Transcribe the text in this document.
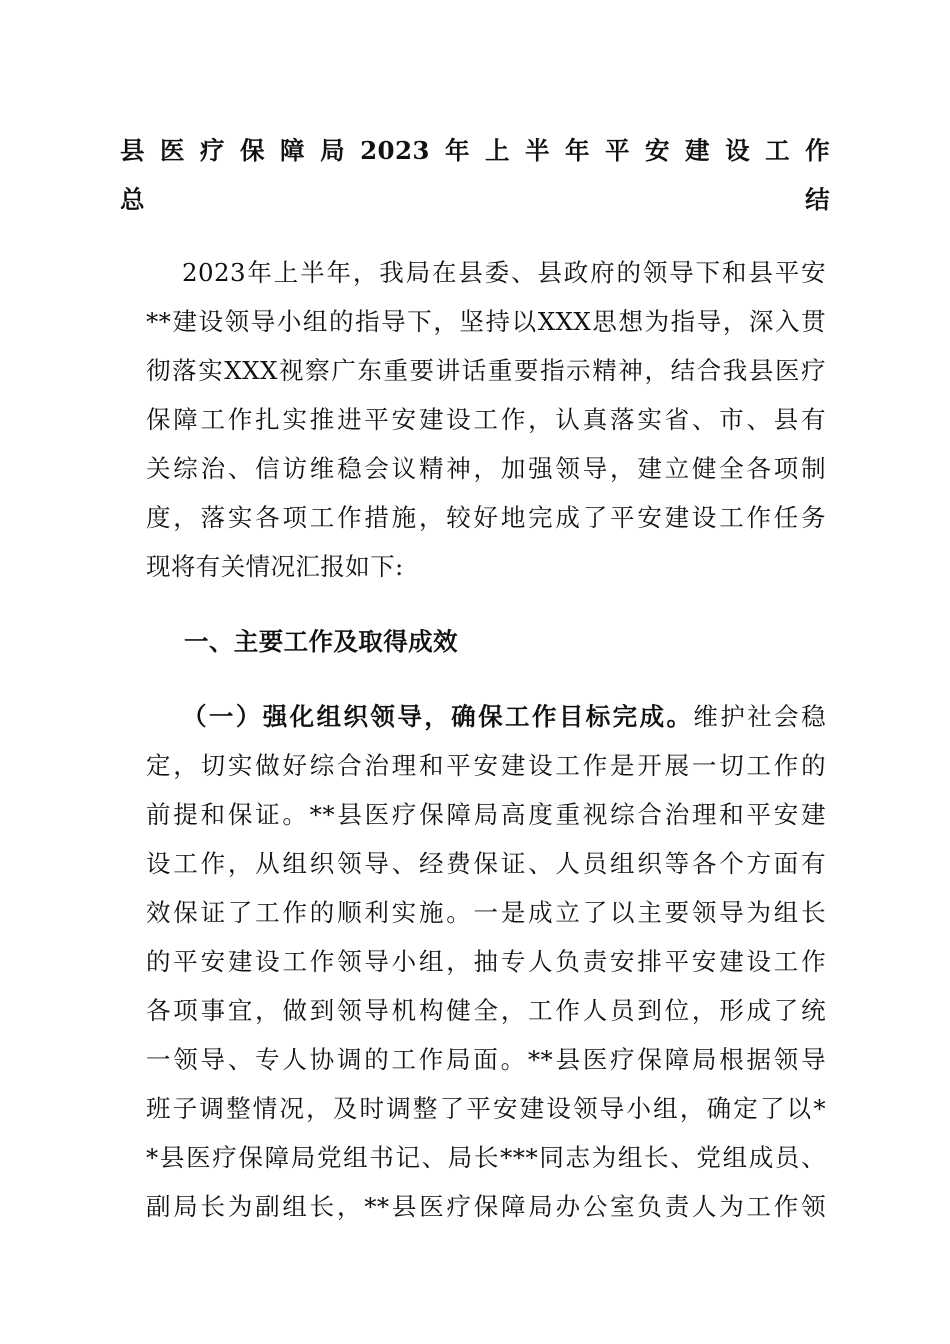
县医疗保障局2023年上半年平安建设工作
总结
2023年上半年，我局在县委、县政府的领导下和县平安
**建设领导小组的指导下，坚持以XXX思想为指导，深入贯
彻落实XXX视察广东重要讲话重要指示精神，结合我县医疗
保障工作扎实推进平安建设工作，认真落实省、市、县有
关综治、信访维稳会议精神，加强领导，建立健全各项制
度，落实各项工作措施，较好地完成了平安建设工作任务
现将有关情况汇报如下:
一、主要工作及取得成效
（一）强化组织领导，确保工作目标完成。维护社会稳
定，切实做好综合治理和平安建设工作是开展一切工作的
前提和保证。**县医疗保障局高度重视综合治理和平安建
设工作，从组织领导、经费保证、人员组织等各个方面有
效保证了工作的顺利实施。一是成立了以主要领导为组长
的平安建设工作领导小组，抽专人负责安排平安建设工作
各项事宜，做到领导机构健全，工作人员到位，形成了统
一领导、专人协调的工作局面。**县医疗保障局根据领导
班子调整情况，及时调整了平安建设领导小组，确定了以*
*县医疗保障局党组书记、局长***同志为组长、党组成员、
副局长为副组长，**县医疗保障局办公室负责人为工作领
